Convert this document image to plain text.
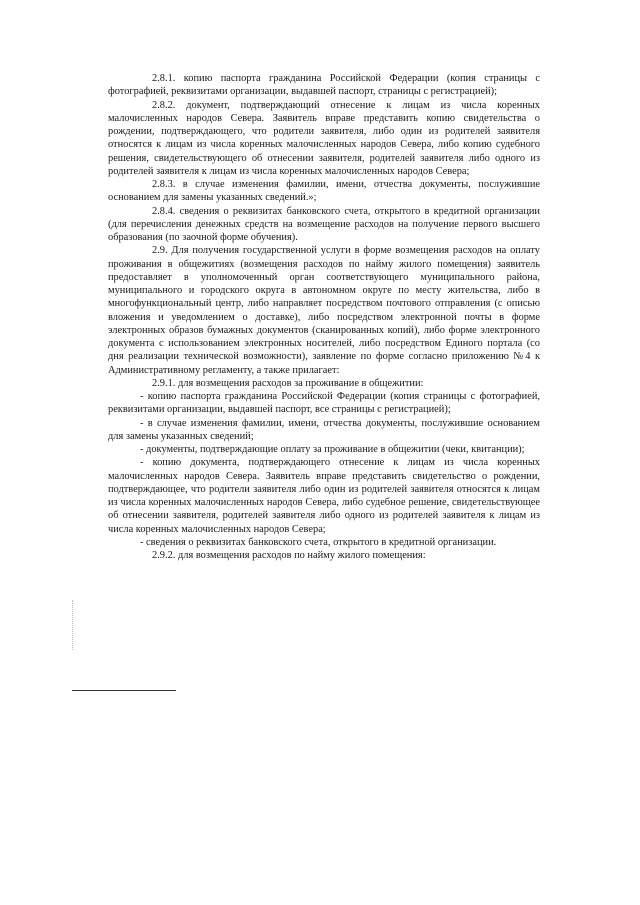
2.8.1. копию паспорта гражданина Российской Федерации (копия страницы с фотографией, реквизитами организации, выдавшей паспорт, страницы с регистрацией);

2.8.2. документ, подтверждающий отнесение к лицам из числа коренных малочисленных народов Севера. Заявитель вправе представить копию свидетельства о рождении, подтверждающего, что родители заявителя, либо один из родителей заявителя относятся к лицам из числа коренных малочисленных народов Севера, либо копию судебного решения, свидетельствующего об отнесении заявителя, родителей заявителя либо одного из родителей заявителя к лицам из числа коренных малочисленных народов Севера;

2.8.3. в случае изменения фамилии, имени, отчества документы, послужившие основанием для замены указанных сведений.»;

2.8.4. сведения о реквизитах банковского счета, открытого в кредитной организации (для перечисления денежных средств на возмещение расходов на получение первого высшего образования (по заочной форме обучения).

2.9. Для получения государственной услуги в форме возмещения расходов на оплату проживания в общежитиях (возмещения расходов по найму жилого помещения) заявитель предоставляет в уполномоченный орган соответствующего муниципального района, муниципального и городского округа в автономном округе по месту жительства, либо в многофункциональный центр, либо направляет посредством почтового отправления (с описью вложения и уведомлением о доставке), либо посредством электронной почты в форме электронных образов бумажных документов (сканированных копий), либо форме электронного документа с использованием электронных носителей, либо посредством Единого портала (со дня реализации технической возможности), заявление по форме согласно приложению №4 к Административному регламенту, а также прилагает:

2.9.1. для возмещения расходов за проживание в общежитии:

- копию паспорта гражданина Российской Федерации (копия страницы с фотографией, реквизитами организации, выдавшей паспорт, все страницы с регистрацией);

- в случае изменения фамилии, имени, отчества документы, послужившие основанием для замены указанных сведений;

- документы, подтверждающие оплату за проживание в общежитии (чеки, квитанции);

- копию документа, подтверждающего отнесение к лицам из числа коренных малочисленных народов Севера. Заявитель вправе представить свидетельство о рождении, подтверждающее, что родители заявителя либо один из родителей заявителя относятся к лицам из числа коренных малочисленных народов Севера, либо судебное решение, свидетельствующее об отнесении заявителя, родителей заявителя либо одного из родителей заявителя к лицам из числа коренных малочисленных народов Севера;

- сведения о реквизитах банковского счета, открытого в кредитной организации.

2.9.2. для возмещения расходов по найму жилого помещения:
